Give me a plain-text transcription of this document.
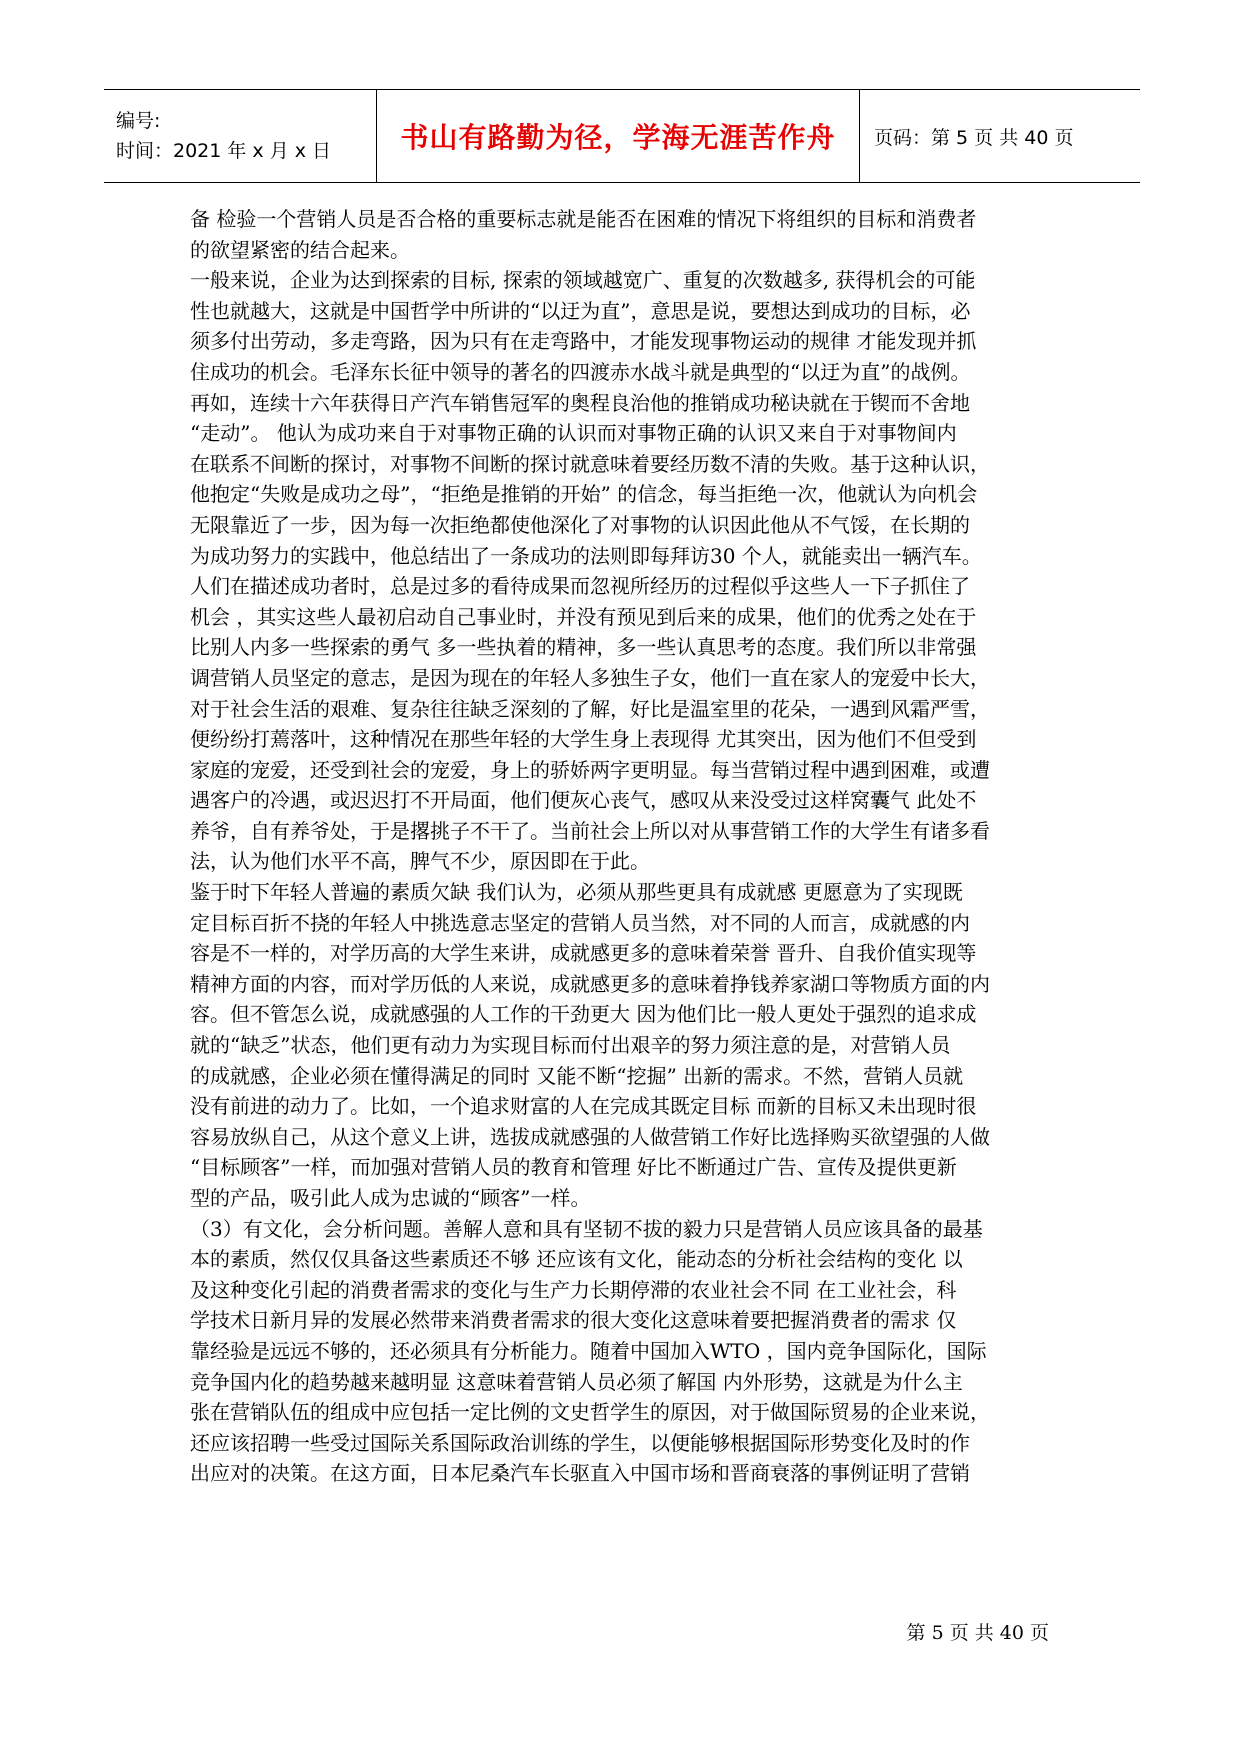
编号:
时间：2021 年 x 月 x 日	书山有路勤为径，学海无涯苦作舟	页码：第 5 页 共 40 页

备 检验一个营销人员是否合格的重要标志就是能否在困难的情况下将组织的目标和消费者

的欲望紧密的结合起来。

一般来说，企业为达到探索的目标, 探索的领域越宽广、重复的次数越多, 获得机会的可能

性也就越大，这就是中国哲学中所讲的“以迂为直”，意思是说，要想达到成功的目标，必

须多付出劳动，多走弯路，因为只有在走弯路中，才能发现事物运动的规律 才能发现并抓

住成功的机会。毛泽东长征中领导的著名的四渡赤水战斗就是典型的“以迂为直”的战例。

再如，连续十六年获得日产汽车销售冠军的奥程良治他的推销成功秘诀就在于锲而不舍地

“走动”。 他认为成功来自于对事物正确的认识而对事物正确的认识又来自于对事物间内

在联系不间断的探讨，对事物不间断的探讨就意味着要经历数不清的失败。基于这种认识，

他抱定“失败是成功之母”，“拒绝是推销的开始” 的信念，每当拒绝一次，他就认为向机会

无限靠近了一步，因为每一次拒绝都使他深化了对事物的认识因此他从不气馁，在长期的

为成功努力的实践中，他总结出了一条成功的法则即每拜访30 个人，就能卖出一辆汽车。

人们在描述成功者时，总是过多的看待成果而忽视所经历的过程似乎这些人一下子抓住了

机会 ，其实这些人最初启动自己事业时，并没有预见到后来的成果，他们的优秀之处在于

比别人内多一些探索的勇气 多一些执着的精神，多一些认真思考的态度。我们所以非常强

调营销人员坚定的意志，是因为现在的年轻人多独生子女，他们一直在家人的宠爱中长大，

对于社会生活的艰难、复杂往往缺乏深刻的了解，好比是温室里的花朵，一遇到风霜严雪，

便纷纷打蔫落叶，这种情况在那些年轻的大学生身上表现得 尤其突出，因为他们不但受到

家庭的宠爱，还受到社会的宠爱，身上的骄娇两字更明显。每当营销过程中遇到困难，或遭

遇客户的冷遇，或迟迟打不开局面，他们便灰心丧气，感叹从来没受过这样窝囊气 此处不

养爷，自有养爷处，于是撂挑子不干了。当前社会上所以对从事营销工作的大学生有诸多看

法，认为他们水平不高，脾气不少，原因即在于此。

鉴于时下年轻人普遍的素质欠缺 我们认为，必须从那些更具有成就感 更愿意为了实现既

定目标百折不挠的年轻人中挑选意志坚定的营销人员当然，对不同的人而言，成就感的内

容是不一样的，对学历高的大学生来讲，成就感更多的意味着荣誉 晋升、自我价值实现等

精神方面的内容，而对学历低的人来说，成就感更多的意味着挣钱养家湖口等物质方面的内

容。但不管怎么说，成就感强的人工作的干劲更大 因为他们比一般人更处于强烈的追求成

就的“缺乏”状态，他们更有动力为实现目标而付出艰辛的努力须注意的是，对营销人员

的成就感，企业必须在懂得满足的同时 又能不断“挖掘” 出新的需求。不然，营销人员就

没有前进的动力了。比如，一个追求财富的人在完成其既定目标 而新的目标又未出现时很

容易放纵自己，从这个意义上讲，选拔成就感强的人做营销工作好比选择购买欲望强的人做

“目标顾客”一样，而加强对营销人员的教育和管理 好比不断通过广告、宣传及提供更新

型的产品，吸引此人成为忠诚的“顾客”一样。

（3）有文化，会分析问题。善解人意和具有坚韧不拔的毅力只是营销人员应该具备的最基

本的素质，然仅仅具备这些素质还不够 还应该有文化，能动态的分析社会结构的变化 以

及这种变化引起的消费者需求的变化与生产力长期停滞的农业社会不同 在工业社会，科

学技术日新月异的发展必然带来消费者需求的很大变化这意味着要把握消费者的需求 仅

靠经验是远远不够的，还必须具有分析能力。随着中国加入WTO ，国内竞争国际化，国际

竞争国内化的趋势越来越明显 这意味着营销人员必须了解国 内外形势，这就是为什么主

张在营销队伍的组成中应包括一定比例的文史哲学生的原因，对于做国际贸易的企业来说，

还应该招聘一些受过国际关系国际政治训练的学生，以便能够根据国际形势变化及时的作

出应对的决策。在这方面，日本尼桑汽车长驱直入中国市场和晋商衰落的事例证明了营销

第 5 页 共 40 页
